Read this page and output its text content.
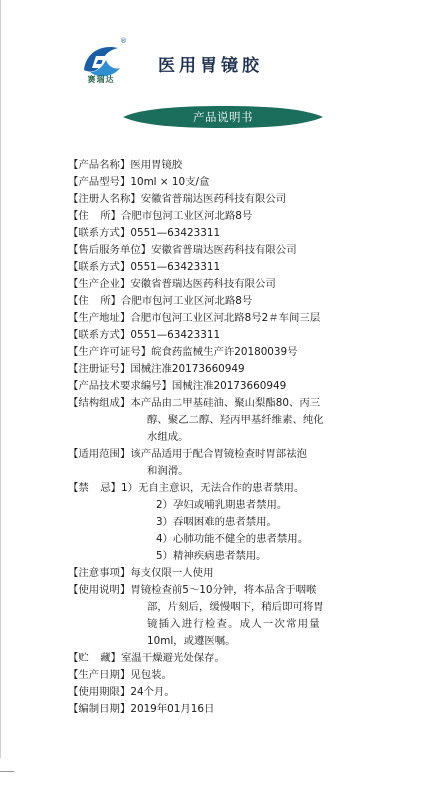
®
赛瑞达
医用胃镜胶
产品说明书
【产品名称】 医用胃镜胶
【产品型号】 10ml × 10支/盒
【注册人名称】 安徽省普瑞达医药科技有限公司
【住 所】 合肥市包河工业区河北路8号
【联系方式】 0551—63423311
【售后服务单位】 安徽省普瑞达医药科技有限公司
【联系方式】 0551—63423311
【生产企业】 安徽省普瑞达医药科技有限公司
【住 所】 合肥市包河工业区河北路8号
【生产地址】 合肥市包河工业区河北路8号2＃车间三层
【联系方式】 0551—63423311
【生产许可证号】 皖食药监械生产许20180039号
【注册证号】 国械注准20173660949
【产品技术要求编号】 国械注准20173660949
【结构组成】 本产品由二甲基硅油、聚山梨酯80、丙三
醇、聚乙二醇、羟丙甲基纤维素、纯化
水组成。
【适用范围】 该产品适用于配合胃镜检查时胃部祛泡
和润滑。
【禁 忌】 1）无自主意识，无法合作的患者禁用。
2）孕妇或哺乳期患者禁用。
3）吞咽困难的患者禁用。
4）心肺功能不健全的患者禁用。
5）精神疾病患者禁用。
【注意事项】 每支仅限一人使用
【使用说明】 胃镜检查前5～10分钟，将本品含于咽喉
部，片刻后，缓慢咽下，稍后即可将胃
镜插入进行检查。成人一次常用量
10ml，或遵医嘱。
【贮 藏】 室温干燥避光处保存。
【生产日期】 见包装。
【使用期限】 24个月。
【编制日期】 2019年01月16日
